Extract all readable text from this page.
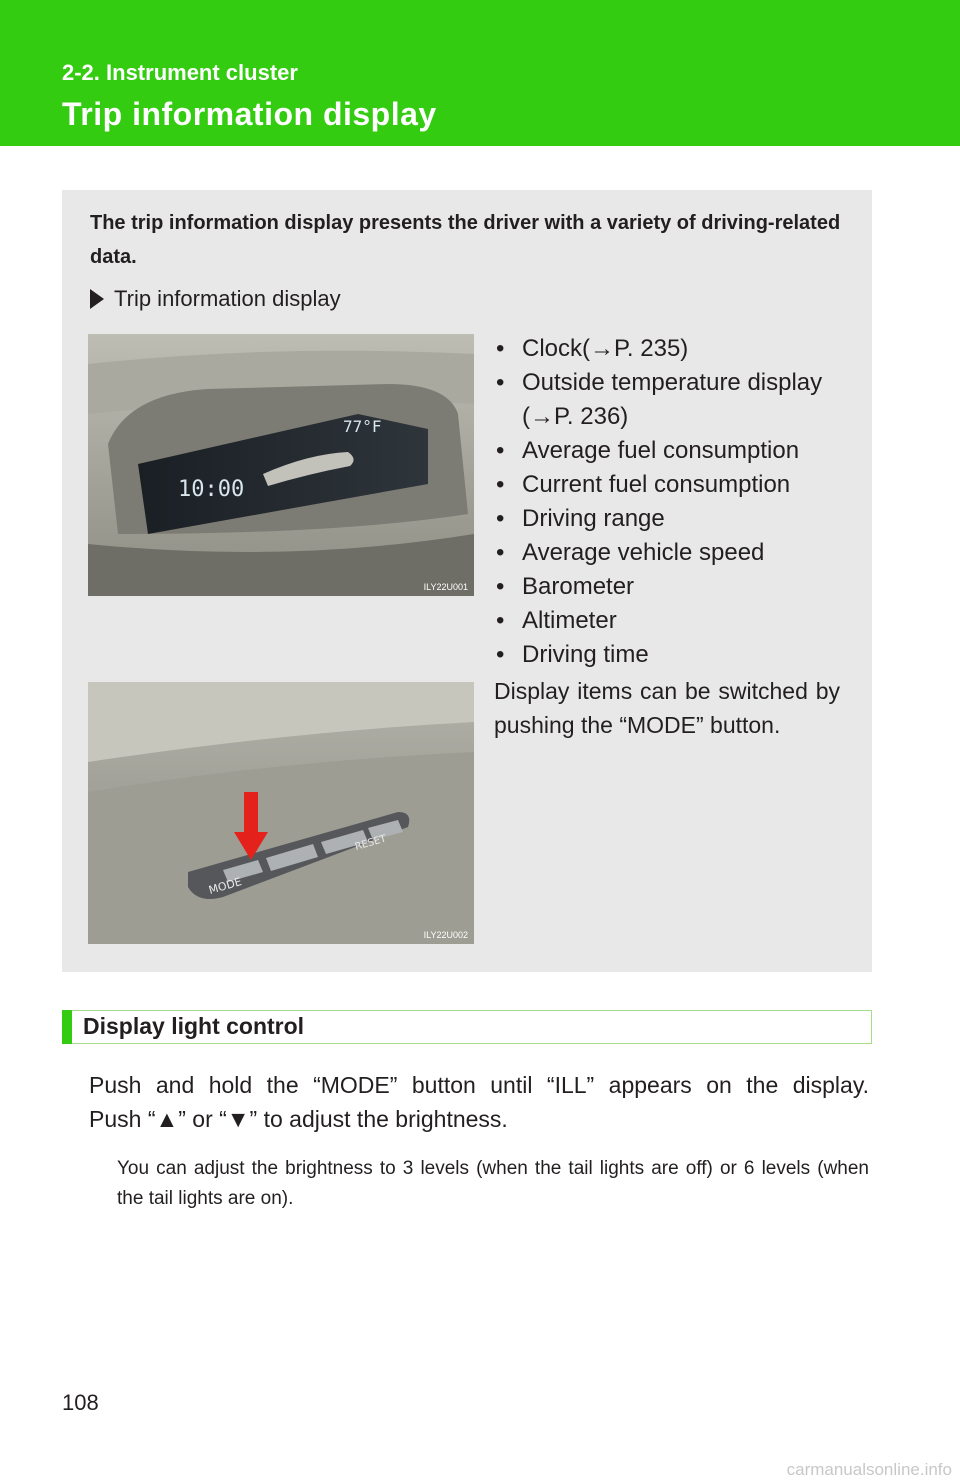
2-2. Instrument cluster
Trip information display
The trip information display presents the driver with a variety of driving-related data.
Trip information display
10:00
77°F
ILY22U001
• Clock(→P. 235)
• Outside temperature display
(→P. 236)
• Average fuel consumption
• Current fuel consumption
• Driving range
• Average vehicle speed
• Barometer
• Altimeter
• Driving time
Display items can be switched by pushing the “MODE” button.
MODE
RESET
ILY22U002
Display light control
Push and hold the “MODE” button until “ILL” appears on the display.
Push “▲” or “▼” to adjust the brightness.
You can adjust the brightness to 3 levels (when the tail lights are off) or 6 levels (when the tail lights are on).
108
carmanualsonline.info
